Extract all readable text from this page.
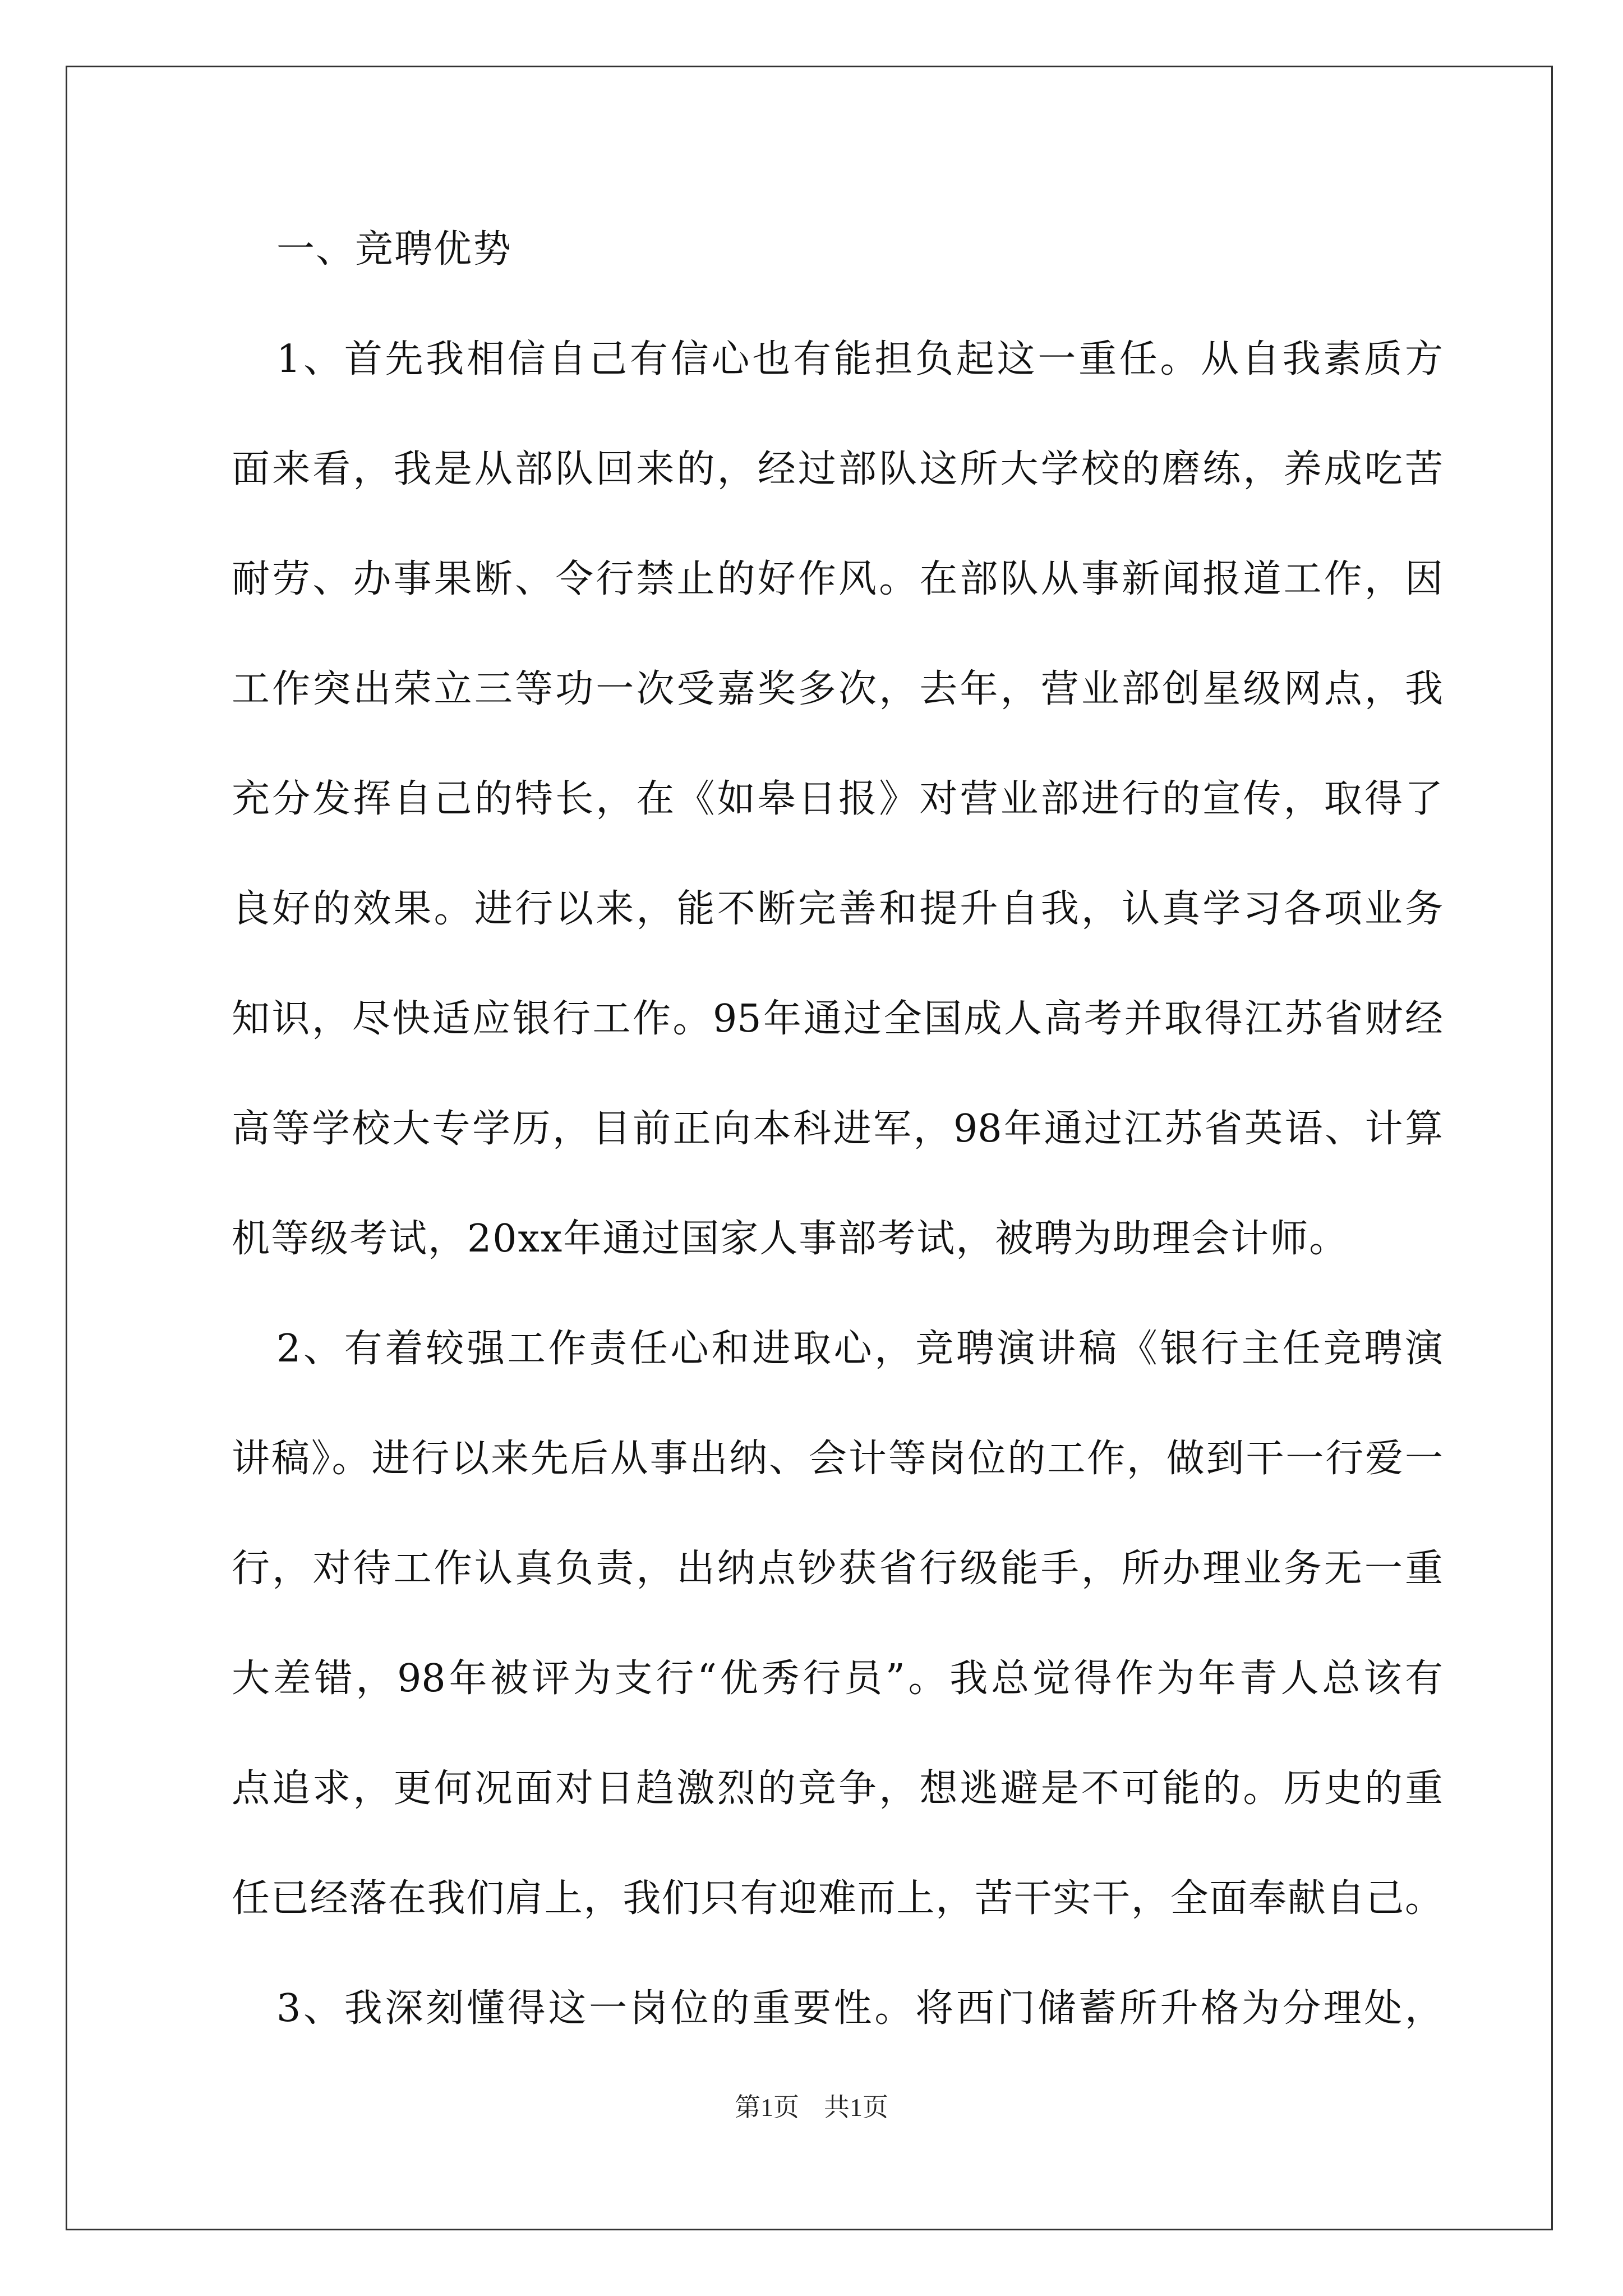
一、竞聘优势
1、首先我相信自己有信心也有能担负起这一重任。从自我素质方
面来看，我是从部队回来的，经过部队这所大学校的磨练，养成吃苦
耐劳、办事果断、令行禁止的好作风。在部队从事新闻报道工作，因
工作突出荣立三等功一次受嘉奖多次，去年，营业部创星级网点，我
充分发挥自己的特长，在《如皋日报》对营业部进行的宣传，取得了
良好的效果。进行以来，能不断完善和提升自我，认真学习各项业务
知识，尽快适应银行工作。95年通过全国成人高考并取得江苏省财经
高等学校大专学历，目前正向本科进军，98年通过江苏省英语、计算
机等级考试，20xx年通过国家人事部考试，被聘为助理会计师。
2、有着较强工作责任心和进取心，竞聘演讲稿《银行主任竞聘演
讲稿》。进行以来先后从事出纳、会计等岗位的工作，做到干一行爱一
行，对待工作认真负责，出纳点钞获省行级能手，所办理业务无一重
大差错，98年被评为支行“优秀行员”。我总觉得作为年青人总该有
点追求，更何况面对日趋激烈的竞争，想逃避是不可能的。历史的重
任已经落在我们肩上，我们只有迎难而上，苦干实干，全面奉献自己。
3、我深刻懂得这一岗位的重要性。将西门储蓄所升格为分理处，
第1页 共1页
